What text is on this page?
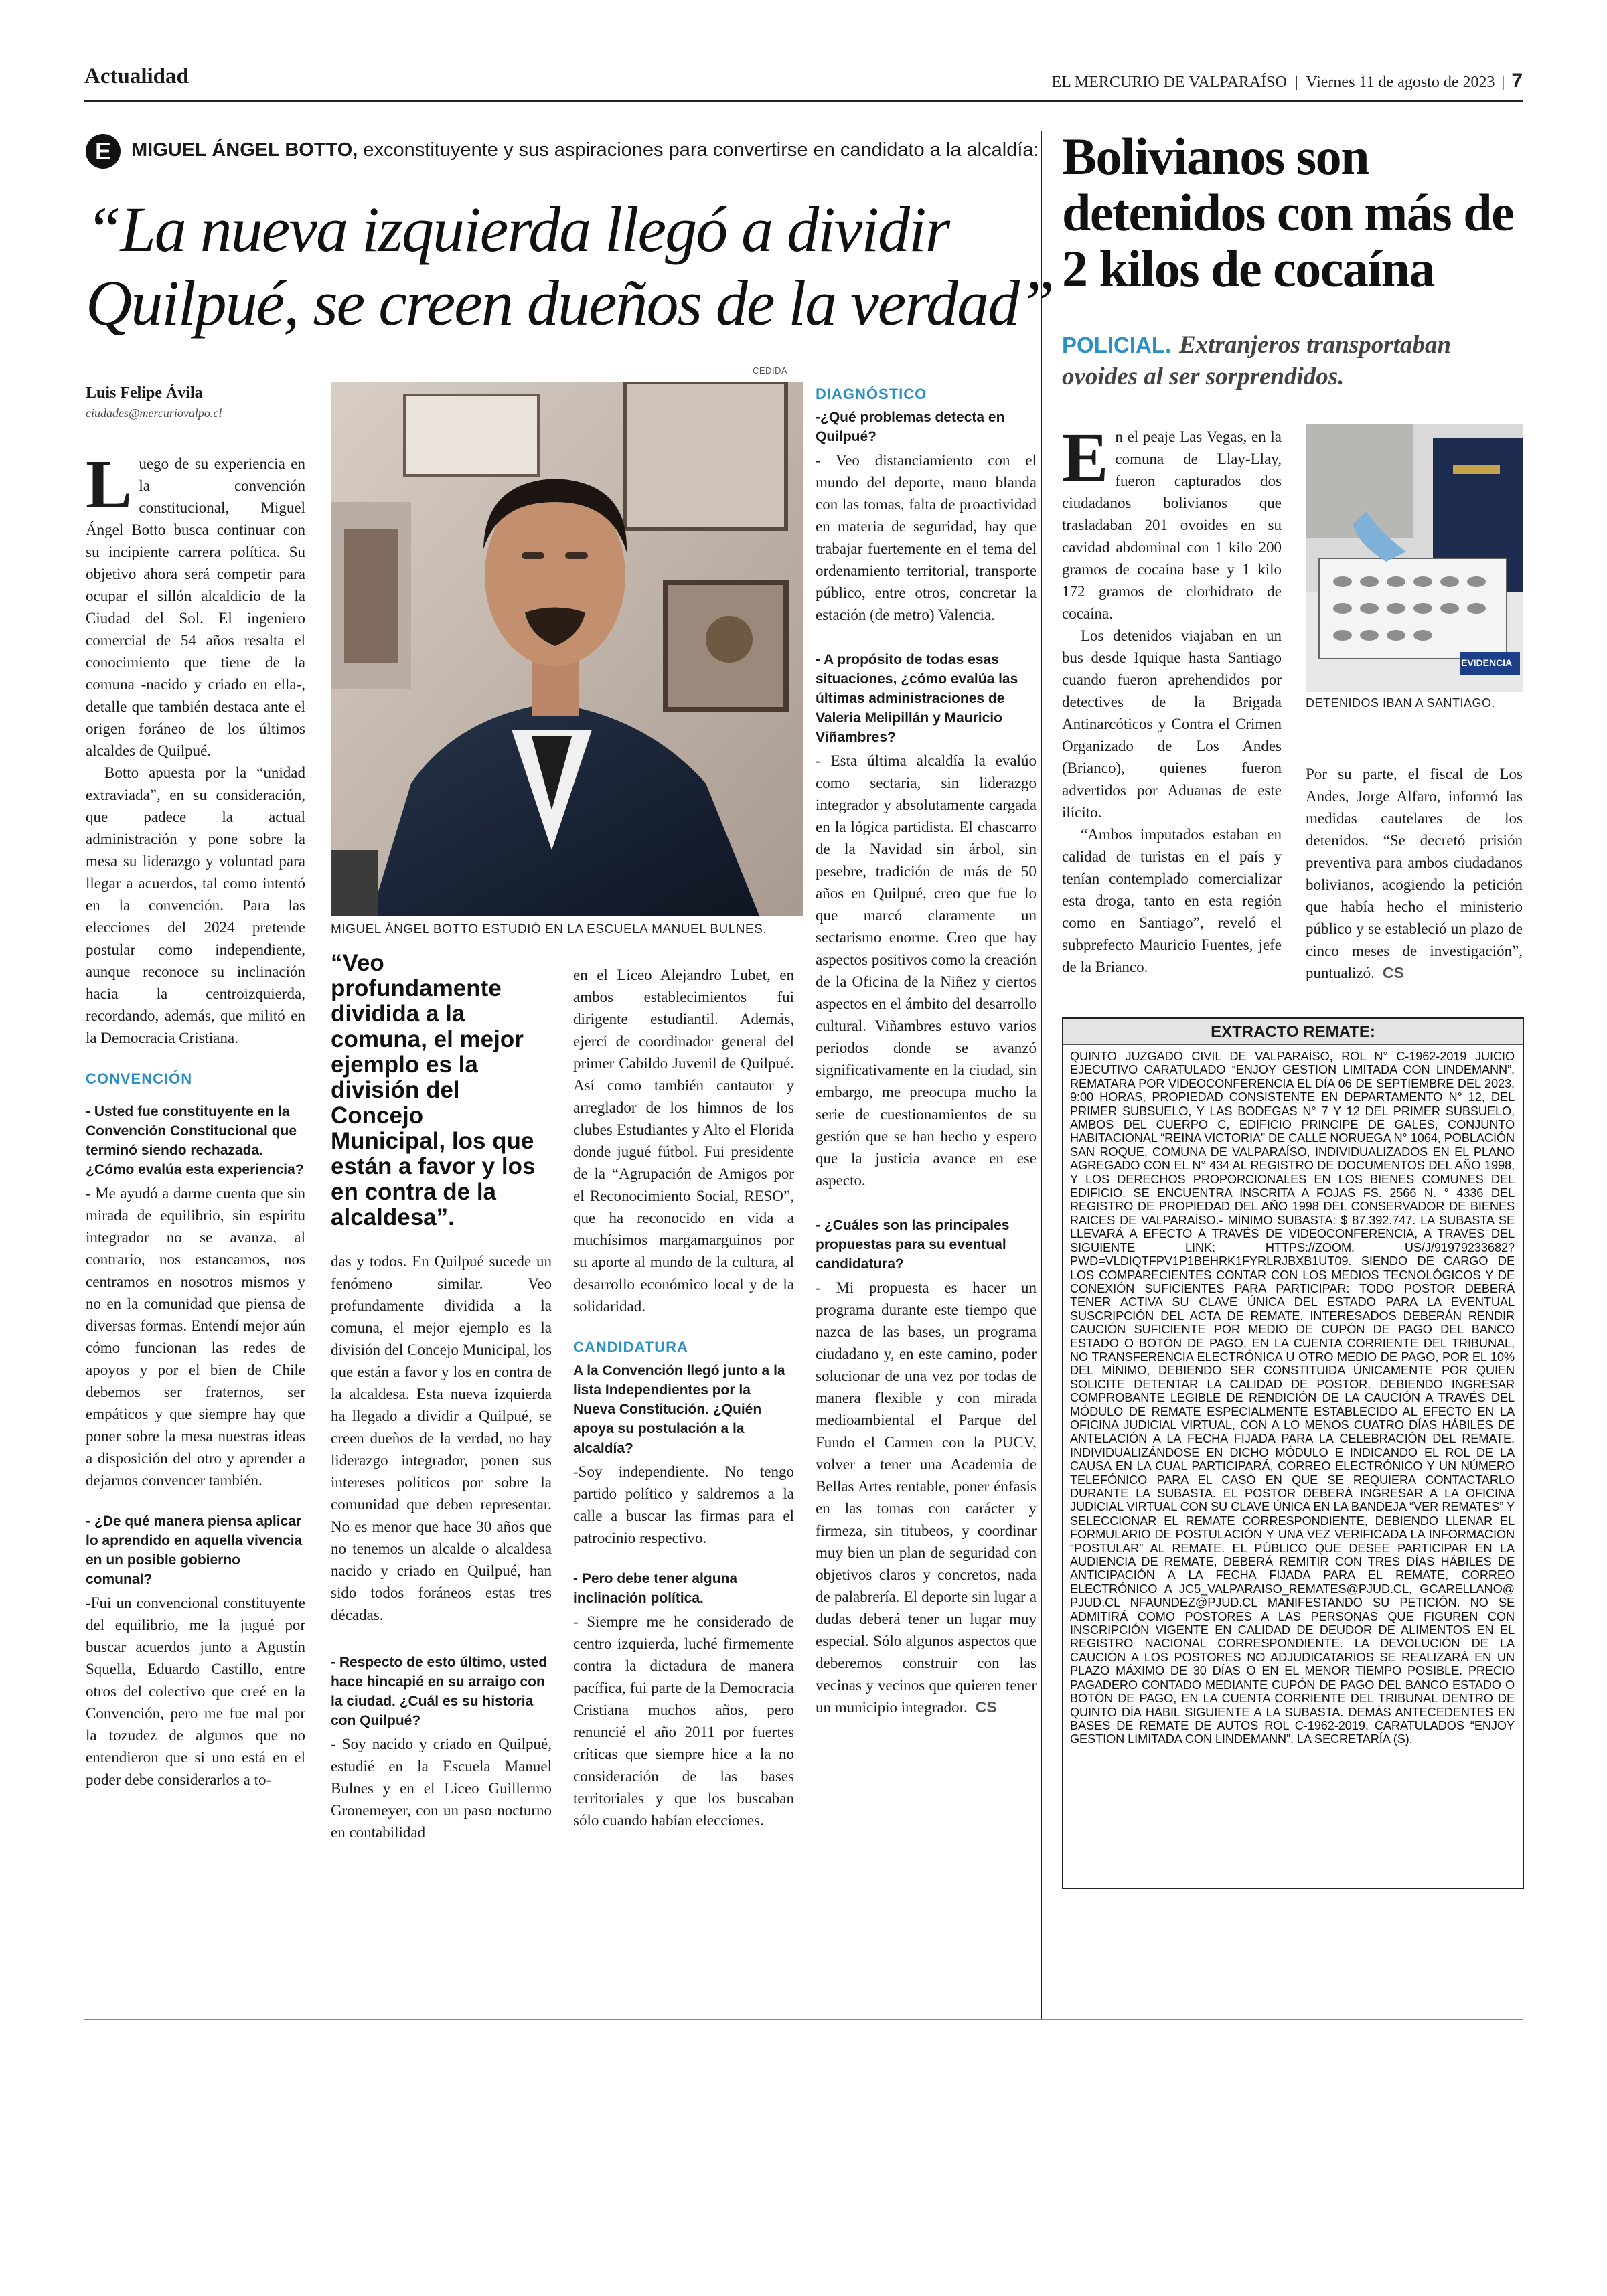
Actualidad	EL MERCURIO DE VALPARAÍSO | Viernes 11 de agosto de 2023 | 7
E	MIGUEL ÁNGEL BOTTO, exconstituyente y sus aspiraciones para convertirse en candidato a la alcaldía:
“La nueva izquierda llegó a dividir
Quilpué, se creen dueños de la verdad”
Luis Felipe Ávila
ciudades@mercuriovalpo.cl
CEDIDA
MIGUEL ÁNGEL BOTTO ESTUDIÓ EN LA ESCUELA MANUEL BULNES.

Luego de su experiencia en la convención constitucional, Miguel Ángel Botto busca continuar con su incipiente carrera política. Su objetivo ahora será competir para ocupar el sillón alcaldicio de la Ciudad del Sol. El ingeniero comercial de 54 años resalta el conocimiento que tiene de la comuna -nacido y criado en ella-, detalle que también destaca ante el origen foráneo de los últimos alcaldes de Quilpué.

Botto apuesta por la “unidad extraviada”, en su consideración, que padece la actual administración y pone sobre la mesa su liderazgo y voluntad para llegar a acuerdos, tal como intentó en la convención. Para las elecciones del 2024 pretende postular como independiente, aunque reconoce su inclinación hacia la centroizquierda, recordando, además, que militó en la Democracia Cristiana.

CONVENCIÓN
- Usted fue constituyente en la Convención Constitucional que terminó siendo rechazada. ¿Cómo evalúa esta experiencia?

- Me ayudó a darme cuenta que sin mirada de equilibrio, sin espíritu integrador no se avanza, al contrario, nos estancamos, nos centramos en nosotros mismos y no en la comunidad que piensa de diversas formas. Entendí mejor aún cómo funcionan las redes de apoyos y por el bien de Chile debemos ser fraternos, ser empáticos y que siempre hay que poner sobre la mesa nuestras ideas a disposición del otro y aprender a dejarnos convencer también.

- ¿De qué manera piensa aplicar lo aprendido en aquella vivencia en un posible gobierno comunal?

-Fui un convencional constituyente del equilibrio, me la jugué por buscar acuerdos junto a Agustín Squella, Eduardo Castillo, entre otros del colectivo que creé en la Convención, pero me fue mal por la tozudez de algunos que no entendieron que si uno está en el poder debe considerarlos a to-

“Veo profundamente dividida a la comuna, el mejor ejemplo es la división del Concejo Municipal, los que están a favor y los en contra de la alcaldesa”.

das y todos. En Quilpué sucede un fenómeno similar. Veo profundamente dividida a la comuna, el mejor ejemplo es la división del Concejo Municipal, los que están a favor y los en contra de la alcaldesa. Esta nueva izquierda ha llegado a dividir a Quilpué, se creen dueños de la verdad, no hay liderazgo integrador, ponen sus intereses políticos por sobre la comunidad que deben representar. No es menor que hace 30 años que no tenemos un alcalde o alcaldesa nacido y criado en Quilpué, han sido todos foráneos estas tres décadas.

- Respecto de esto último, usted hace hincapié en su arraigo con la ciudad. ¿Cuál es su historia con Quilpué?

- Soy nacido y criado en Quilpué, estudié en la Escuela Manuel Bulnes y en el Liceo Guillermo Gronemeyer, con un paso nocturno en contabilidad

en el Liceo Alejandro Lubet, en ambos establecimientos fui dirigente estudiantil. Además, ejercí de coordinador general del primer Cabildo Juvenil de Quilpué. Así como también cantautor y arreglador de los himnos de los clubes Estudiantes y Alto el Florida donde jugué fútbol. Fui presidente de la “Agrupación de Amigos por el Reconocimiento Social, RESO”, que ha reconocido en vida a muchísimos margamarguinos por su aporte al mundo de la cultura, al desarrollo económico local y de la solidaridad.

CANDIDATURA
A la Convención llegó junto a la lista Independientes por la Nueva Constitución. ¿Quién apoya su postulación a la alcaldía?

-Soy independiente. No tengo partido político y saldremos a la calle a buscar las firmas para el patrocinio respectivo.

- Pero debe tener alguna inclinación política.

- Siempre me he considerado de centro izquierda, luché firmemente contra la dictadura de manera pacífica, fui parte de la Democracia Cristiana muchos años, pero renuncié el año 2011 por fuertes críticas que siempre hice a la no consideración de las bases territoriales y que los buscaban sólo cuando habían elecciones.

DIAGNÓSTICO
-¿Qué problemas detecta en Quilpué?

- Veo distanciamiento con el mundo del deporte, mano blanda con las tomas, falta de proactividad en materia de seguridad, hay que trabajar fuertemente en el tema del ordenamiento territorial, transporte público, entre otros, concretar la estación (de metro) Valencia.

- A propósito de todas esas situaciones, ¿cómo evalúa las últimas administraciones de Valeria Melipillán y Mauricio Viñambres?

- Esta última alcaldía la evalúo como sectaria, sin liderazgo integrador y absolutamente cargada en la lógica partidista. El chascarro de la Navidad sin árbol, sin pesebre, tradición de más de 50 años en Quilpué, creo que fue lo que marcó claramente un sectarismo enorme. Creo que hay aspectos positivos como la creación de la Oficina de la Niñez y ciertos aspectos en el ámbito del desarrollo cultural. Viñambres estuvo varios periodos donde se avanzó significativamente en la ciudad, sin embargo, me preocupa mucho la serie de cuestionamientos de su gestión que se han hecho y espero que la justicia avance en ese aspecto.

- ¿Cuáles son las principales propuestas para su eventual candidatura?

- Mi propuesta es hacer un programa durante este tiempo que nazca de las bases, un programa ciudadano y, en este camino, poder solucionar de una vez por todas de manera flexible y con mirada medioambiental el Parque del Fundo el Carmen con la PUCV, volver a tener una Academia de Bellas Artes rentable, poner énfasis en las tomas con carácter y firmeza, sin titubeos, y coordinar muy bien un plan de seguridad con objetivos claros y concretos, nada de palabrería. El deporte sin lugar a dudas deberá tener un lugar muy especial. Sólo algunos aspectos que deberemos construir con las vecinas y vecinos que quieren tener un municipio integrador. CS

Bolivianos son detenidos con más de 2 kilos de cocaína
POLICIAL. Extranjeros transportaban ovoides al ser sorprendidos.
EVIDENCIA
DETENIDOS IBAN A SANTIAGO.

En el peaje Las Vegas, en la comuna de Llay-Llay, fueron capturados dos ciudadanos bolivianos que trasladaban 201 ovoides en su cavidad abdominal con 1 kilo 200 gramos de cocaína base y 1 kilo 172 gramos de clorhidrato de cocaína.

Los detenidos viajaban en un bus desde Iquique hasta Santiago cuando fueron aprehendidos por detectives de la Brigada Antinarcóticos y Contra el Crimen Organizado de Los Andes (Brianco), quienes fueron advertidos por Aduanas de este ilícito.

“Ambos imputados estaban en calidad de turistas en el país y tenían contemplado comercializar esta droga, tanto en esta región como en Santiago”, reveló el subprefecto Mauricio Fuentes, jefe de la Brianco.

Por su parte, el fiscal de Los Andes, Jorge Alfaro, informó las medidas cautelares de los detenidos. “Se decretó prisión preventiva para ambos ciudadanos bolivianos, acogiendo la petición que había hecho el ministerio público y se estableció un plazo de cinco meses de investigación”, puntualizó. CS

EXTRACTO REMATE:
QUINTO JUZGADO CIVIL DE VALPARAÍSO, ROL N° C-1962-2019 JUICIO EJECUTIVO CARATULADO “ENJOY GESTION LIMITADA CON LINDEMANN”, REMATARA POR VIDEOCONFERENCIA EL DÍA 06 DE SEPTIEMBRE DEL 2023, 9:00 HORAS, PROPIEDAD CONSISTENTE EN DEPARTAMENTO N° 12, DEL PRIMER SUBSUELO, Y LAS BODEGAS N° 7 Y 12 DEL PRIMER SUBSUELO, AMBOS DEL CUERPO C, EDIFICIO PRINCIPE DE GALES, CONJUNTO HABITACIONAL “REINA VICTORIA” DE CALLE NORUEGA N° 1064, POBLACIÓN SAN ROQUE, COMUNA DE VALPARAÍSO, INDIVIDUALIZADOS EN EL PLANO AGREGADO CON EL N° 434 AL REGISTRO DE DOCUMENTOS DEL AÑO 1998, Y LOS DERECHOS PROPORCIONALES EN LOS BIENES COMUNES DEL EDIFICIO. SE ENCUENTRA INSCRITA A FOJAS FS. 2566 N. ° 4336 DEL REGISTRO DE PROPIEDAD DEL AÑO 1998 DEL CONSERVADOR DE BIENES RAICES DE VALPARAÍSO.- MÍNIMO SUBASTA: $ 87.392.747. LA SUBASTA SE LLEVARÁ A EFECTO A TRAVÉS DE VIDEOCONFERENCIA, A TRAVES DEL SIGUIENTE LINK: HTTPS://ZOOM. US/J/91979233682? PWD=VLDIQTFPV1P1BEHRK1FYRLRJBXB1UT09. SIENDO DE CARGO DE LOS COMPARECIENTES CONTAR CON LOS MEDIOS TECNOLÓGICOS Y DE CONEXIÓN SUFICIENTES PARA PARTICIPAR: TODO POSTOR DEBERÁ TENER ACTIVA SU CLAVE ÚNICA DEL ESTADO PARA LA EVENTUAL SUSCRIPCIÓN DEL ACTA DE REMATE. INTERESADOS DEBERÁN RENDIR CAUCIÓN SUFICIENTE POR MEDIO DE CUPÓN DE PAGO DEL BANCO ESTADO O BOTÓN DE PAGO, EN LA CUENTA CORRIENTE DEL TRIBUNAL, NO TRANSFERENCIA ELECTRÓNICA U OTRO MEDIO DE PAGO, POR EL 10% DEL MÍNIMO, DEBIENDO SER CONSTITUIDA ÚNICAMENTE POR QUIEN SOLICITE DETENTAR LA CALIDAD DE POSTOR. DEBIENDO INGRESAR COMPROBANTE LEGIBLE DE RENDICIÓN DE LA CAUCIÓN A TRAVÉS DEL MÓDULO DE REMATE ESPECIALMENTE ESTABLECIDO AL EFECTO EN LA OFICINA JUDICIAL VIRTUAL, CON A LO MENOS CUATRO DÍAS HÁBILES DE ANTELACIÓN A LA FECHA FIJADA PARA LA CELEBRACIÓN DEL REMATE, INDIVIDUALIZÁNDOSE EN DICHO MÓDULO E INDICANDO EL ROL DE LA CAUSA EN LA CUAL PARTICIPARÁ, CORREO ELECTRÓNICO Y UN NÚMERO TELEFÓNICO PARA EL CASO EN QUE SE REQUIERA CONTACTARLO DURANTE LA SUBASTA. EL POSTOR DEBERÁ INGRESAR A LA OFICINA JUDICIAL VIRTUAL CON SU CLAVE ÚNICA EN LA BANDEJA “VER REMATES” Y SELECCIONAR EL REMATE CORRESPONDIENTE, DEBIENDO LLENAR EL FORMULARIO DE POSTULACIÓN Y UNA VEZ VERIFICADA LA INFORMACIÓN “POSTULAR” AL REMATE. EL PÚBLICO QUE DESEE PARTICIPAR EN LA AUDIENCIA DE REMATE, DEBERÁ REMITIR CON TRES DÍAS HÁBILES DE ANTICIPACIÓN A LA FECHA FIJADA PARA EL REMATE, CORREO ELECTRÓNICO A JC5_VALPARAISO_REMATES@PJUD.CL, GCARELLANO@ PJUD.CL NFAUNDEZ@PJUD.CL MANIFESTANDO SU PETICIÓN. NO SE ADMITIRÁ COMO POSTORES A LAS PERSONAS QUE FIGUREN CON INSCRIPCIÓN VIGENTE EN CALIDAD DE DEUDOR DE ALIMENTOS EN EL REGISTRO NACIONAL CORRESPONDIENTE. LA DEVOLUCIÓN DE LA CAUCIÓN A LOS POSTORES NO ADJUDICATARIOS SE REALIZARÁ EN UN PLAZO MÁXIMO DE 30 DÍAS O EN EL MENOR TIEMPO POSIBLE. PRECIO PAGADERO CONTADO MEDIANTE CUPÓN DE PAGO DEL BANCO ESTADO O BOTÓN DE PAGO, EN LA CUENTA CORRIENTE DEL TRIBUNAL DENTRO DE QUINTO DÍA HÁBIL SIGUIENTE A LA SUBASTA. DEMÁS ANTECEDENTES EN BASES DE REMATE DE AUTOS ROL C-1962-2019, CARATULADOS “ENJOY GESTION LIMITADA CON LINDEMANN”. LA SECRETARÍA (S).
